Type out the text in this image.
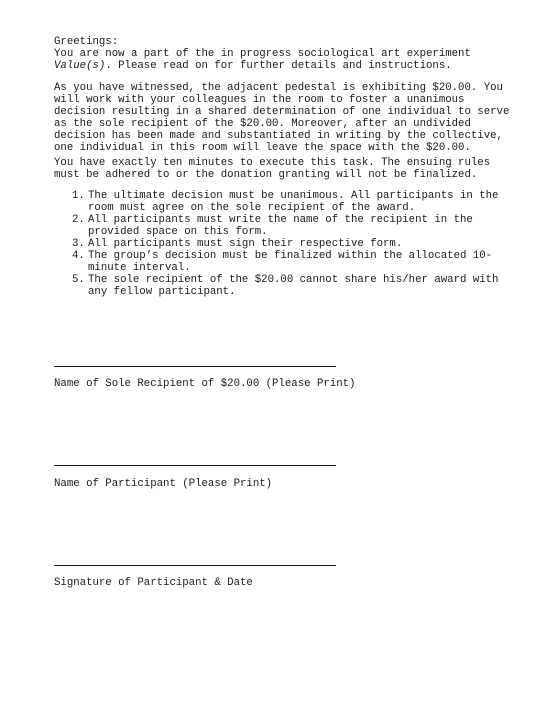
Greetings:
You are now a part of the in progress sociological art experiment
Value(s). Please read on for further details and instructions.
As you have witnessed, the adjacent pedestal is exhibiting $20.00. You
will work with your colleagues in the room to foster a unanimous
decision resulting in a shared determination of one individual to serve
as the sole recipient of the $20.00. Moreover, after an undivided
decision has been made and substantiated in writing by the collective,
one individual in this room will leave the space with the $20.00.
You have exactly ten minutes to execute this task. The ensuing rules
must be adhered to or the donation granting will not be finalized.
1. The ultimate decision must be unanimous. All participants in the
room must agree on the sole recipient of the award.
2. All participants must write the name of the recipient in the
provided space on this form.
3. All participants must sign their respective form.
4. The group’s decision must be finalized within the allocated 10-
minute interval.
5. The sole recipient of the $20.00 cannot share his/her award with
any fellow participant.
Name of Sole Recipient of $20.00 (Please Print)
Name of Participant (Please Print)
Signature of Participant & Date
